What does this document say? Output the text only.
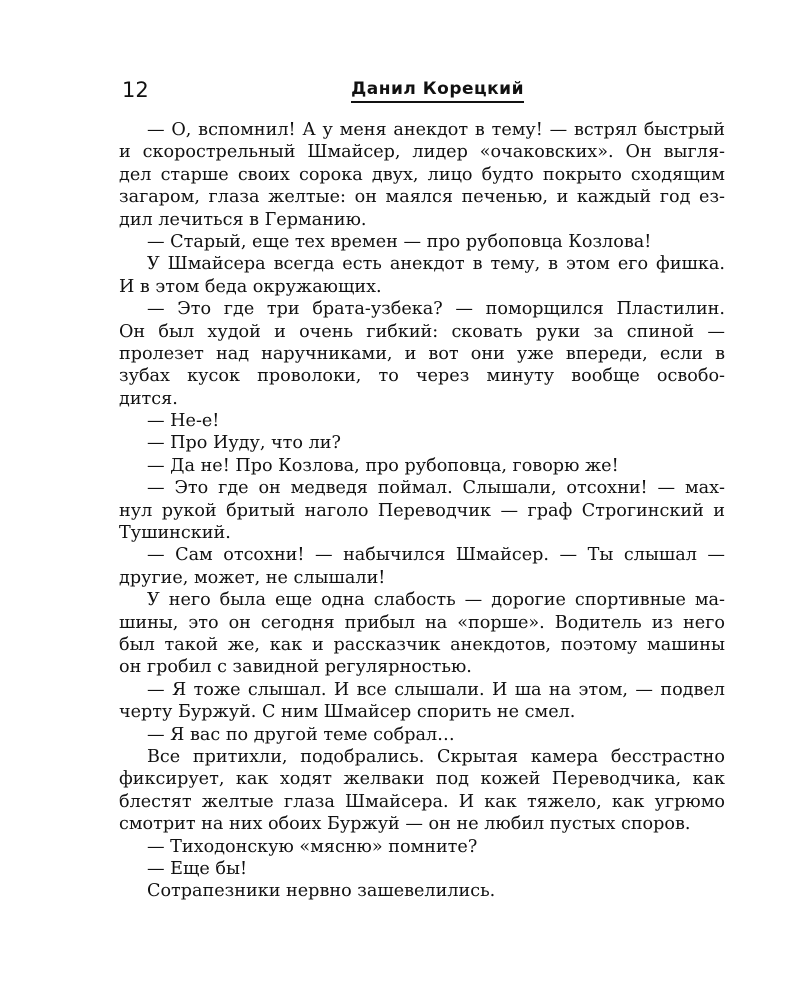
12	Данил Корецкий
— О, вспомнил! А у меня анекдот в тему! — встрял быстрый
и скорострельный Шмайсер, лидер «очаковских». Он выгля-
дел старше своих сорока двух, лицо будто покрыто сходящим
загаром, глаза желтые: он маялся печенью, и каждый год ез-
дил лечиться в Германию.
— Старый, еще тех времен — про рубоповца Козлова!
У Шмайсера всегда есть анекдот в тему, в этом его фишка.
И в этом беда окружающих.
— Это где три брата-узбека? — поморщился Пластилин.
Он был худой и очень гибкий: сковать руки за спиной —
пролезет над наручниками, и вот они уже впереди, если в
зубах кусок проволоки, то через минуту вообще освобо-
дится.
— Не-е!
— Про Иуду, что ли?
— Да не! Про Козлова, про рубоповца, говорю же!
— Это где он медведя поймал. Слышали, отсохни! — мах-
нул рукой бритый наголо Переводчик — граф Строгинский и
Тушинский.
— Сам отсохни! — набычился Шмайсер. — Ты слышал —
другие, может, не слышали!
У него была еще одна слабость — дорогие спортивные ма-
шины, это он сегодня прибыл на «порше». Водитель из него
был такой же, как и рассказчик анекдотов, поэтому машины
он гробил с завидной регулярностью.
— Я тоже слышал. И все слышали. И ша на этом, — подвел
черту Буржуй. С ним Шмайсер спорить не смел.
— Я вас по другой теме собрал…
Все притихли, подобрались. Скрытая камера бесстрастно
фиксирует, как ходят желваки под кожей Переводчика, как
блестят желтые глаза Шмайсера. И как тяжело, как угрюмо
смотрит на них обоих Буржуй — он не любил пустых споров.
— Тиходонскую «мясню» помните?
— Еще бы!
Сотрапезники нервно зашевелились.
